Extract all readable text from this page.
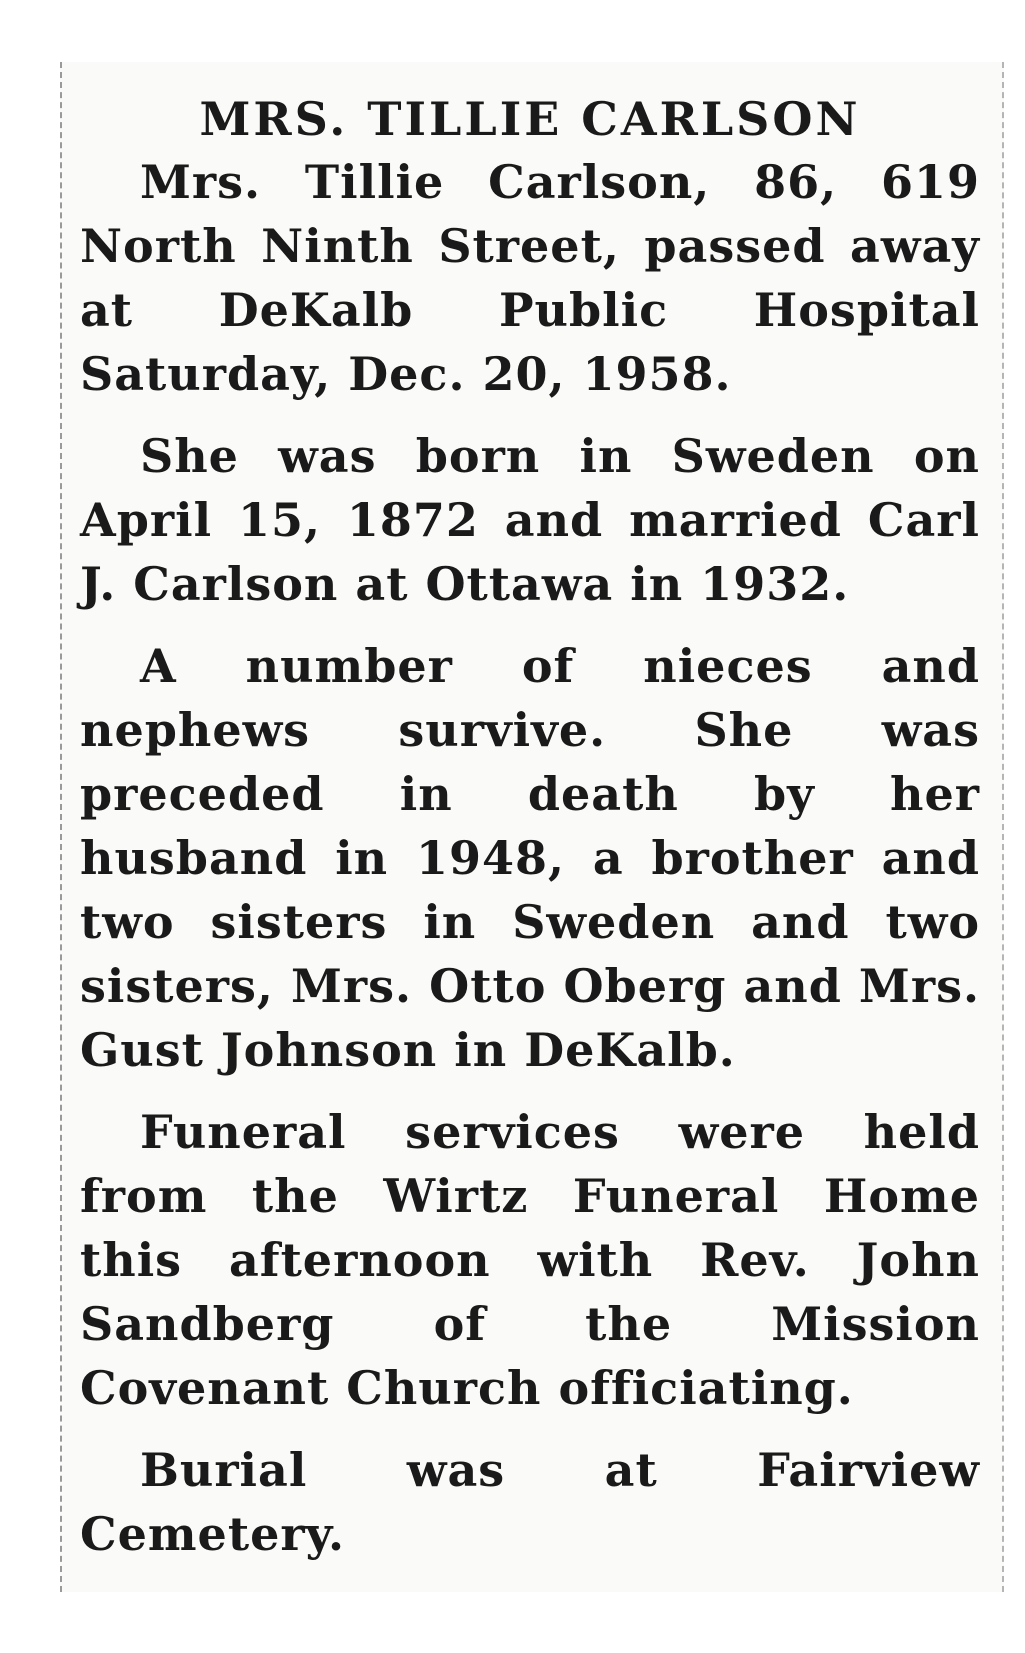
MRS. TILLIE CARLSON

Mrs. Tillie Carlson, 86, 619 North Ninth Street, passed away at DeKalb Public Hospital Saturday, Dec. 20, 1958.

She was born in Sweden on April 15, 1872 and married Carl J. Carlson at Ottawa in 1932.

A number of nieces and nephews survive. She was preceded in death by her husband in 1948, a brother and two sisters in Sweden and two sisters, Mrs. Otto Oberg and Mrs. Gust Johnson in DeKalb.

Funeral services were held from the Wirtz Funeral Home this afternoon with Rev. John Sandberg of the Mission Covenant Church officiating.

Burial was at Fairview Cemetery.
